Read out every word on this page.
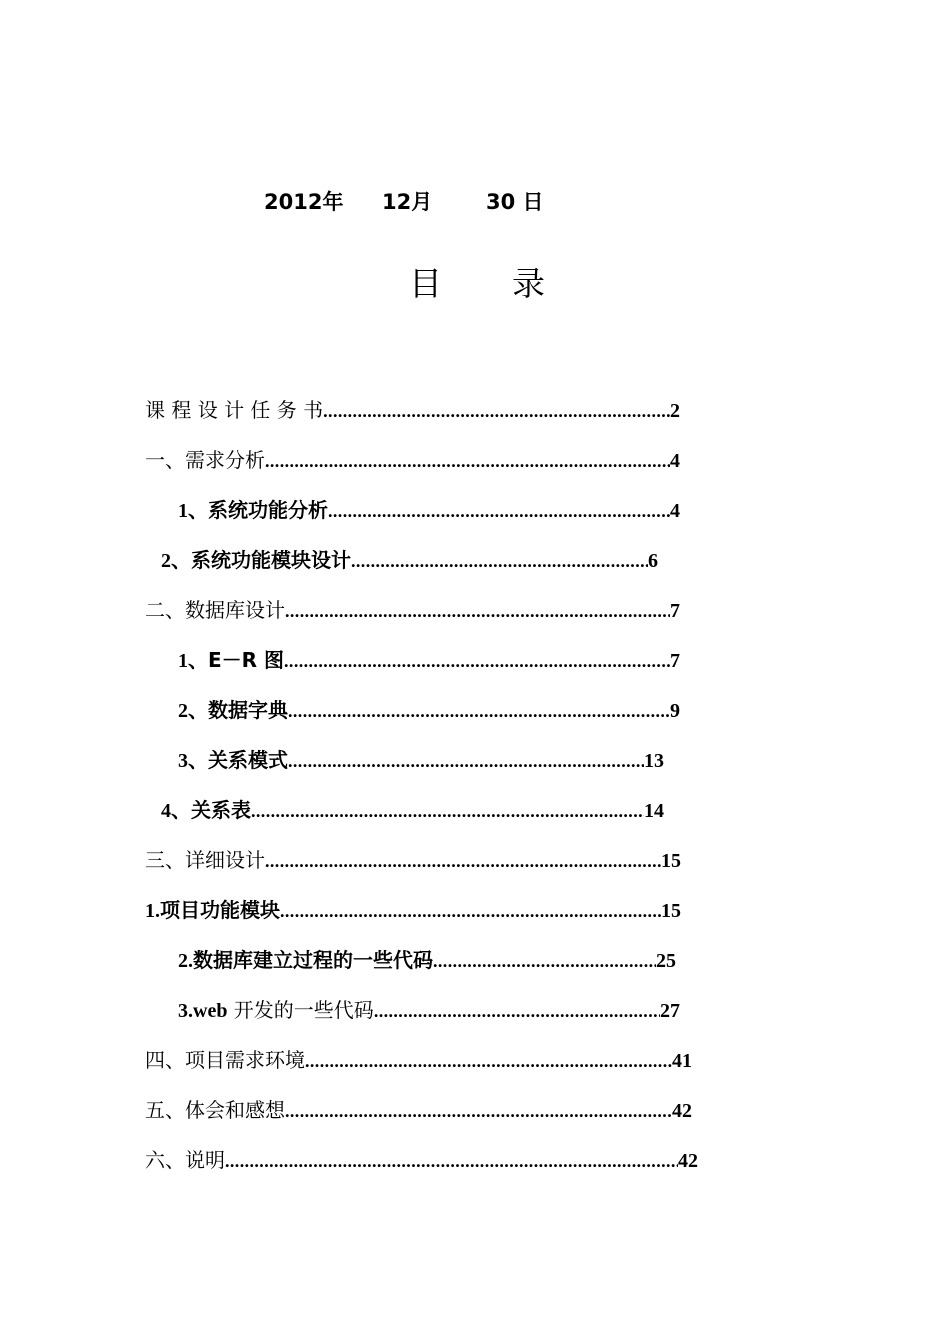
2012年 12月	30 日
目 录
课 程 设 计 任 务 书 .....	2
一、需求分析 .....	4
1、系统功能分析 .....	4
2、系统功能模块设计 .....	6
二、数据库设计 .....	7
1、E－R 图 .....	7
2、数据字典 .....	9
3、关系模式 .....	13
4、关系表 .....	14
三、详细设计 .....	15
1.项目功能模块 .....	15
2.数据库建立过程的一些代码 .....	25
3.web 开发的一些代码 .....	27
四、项目需求环境 .....	41
五、体会和感想 .....	42
六、说明 .....	42
